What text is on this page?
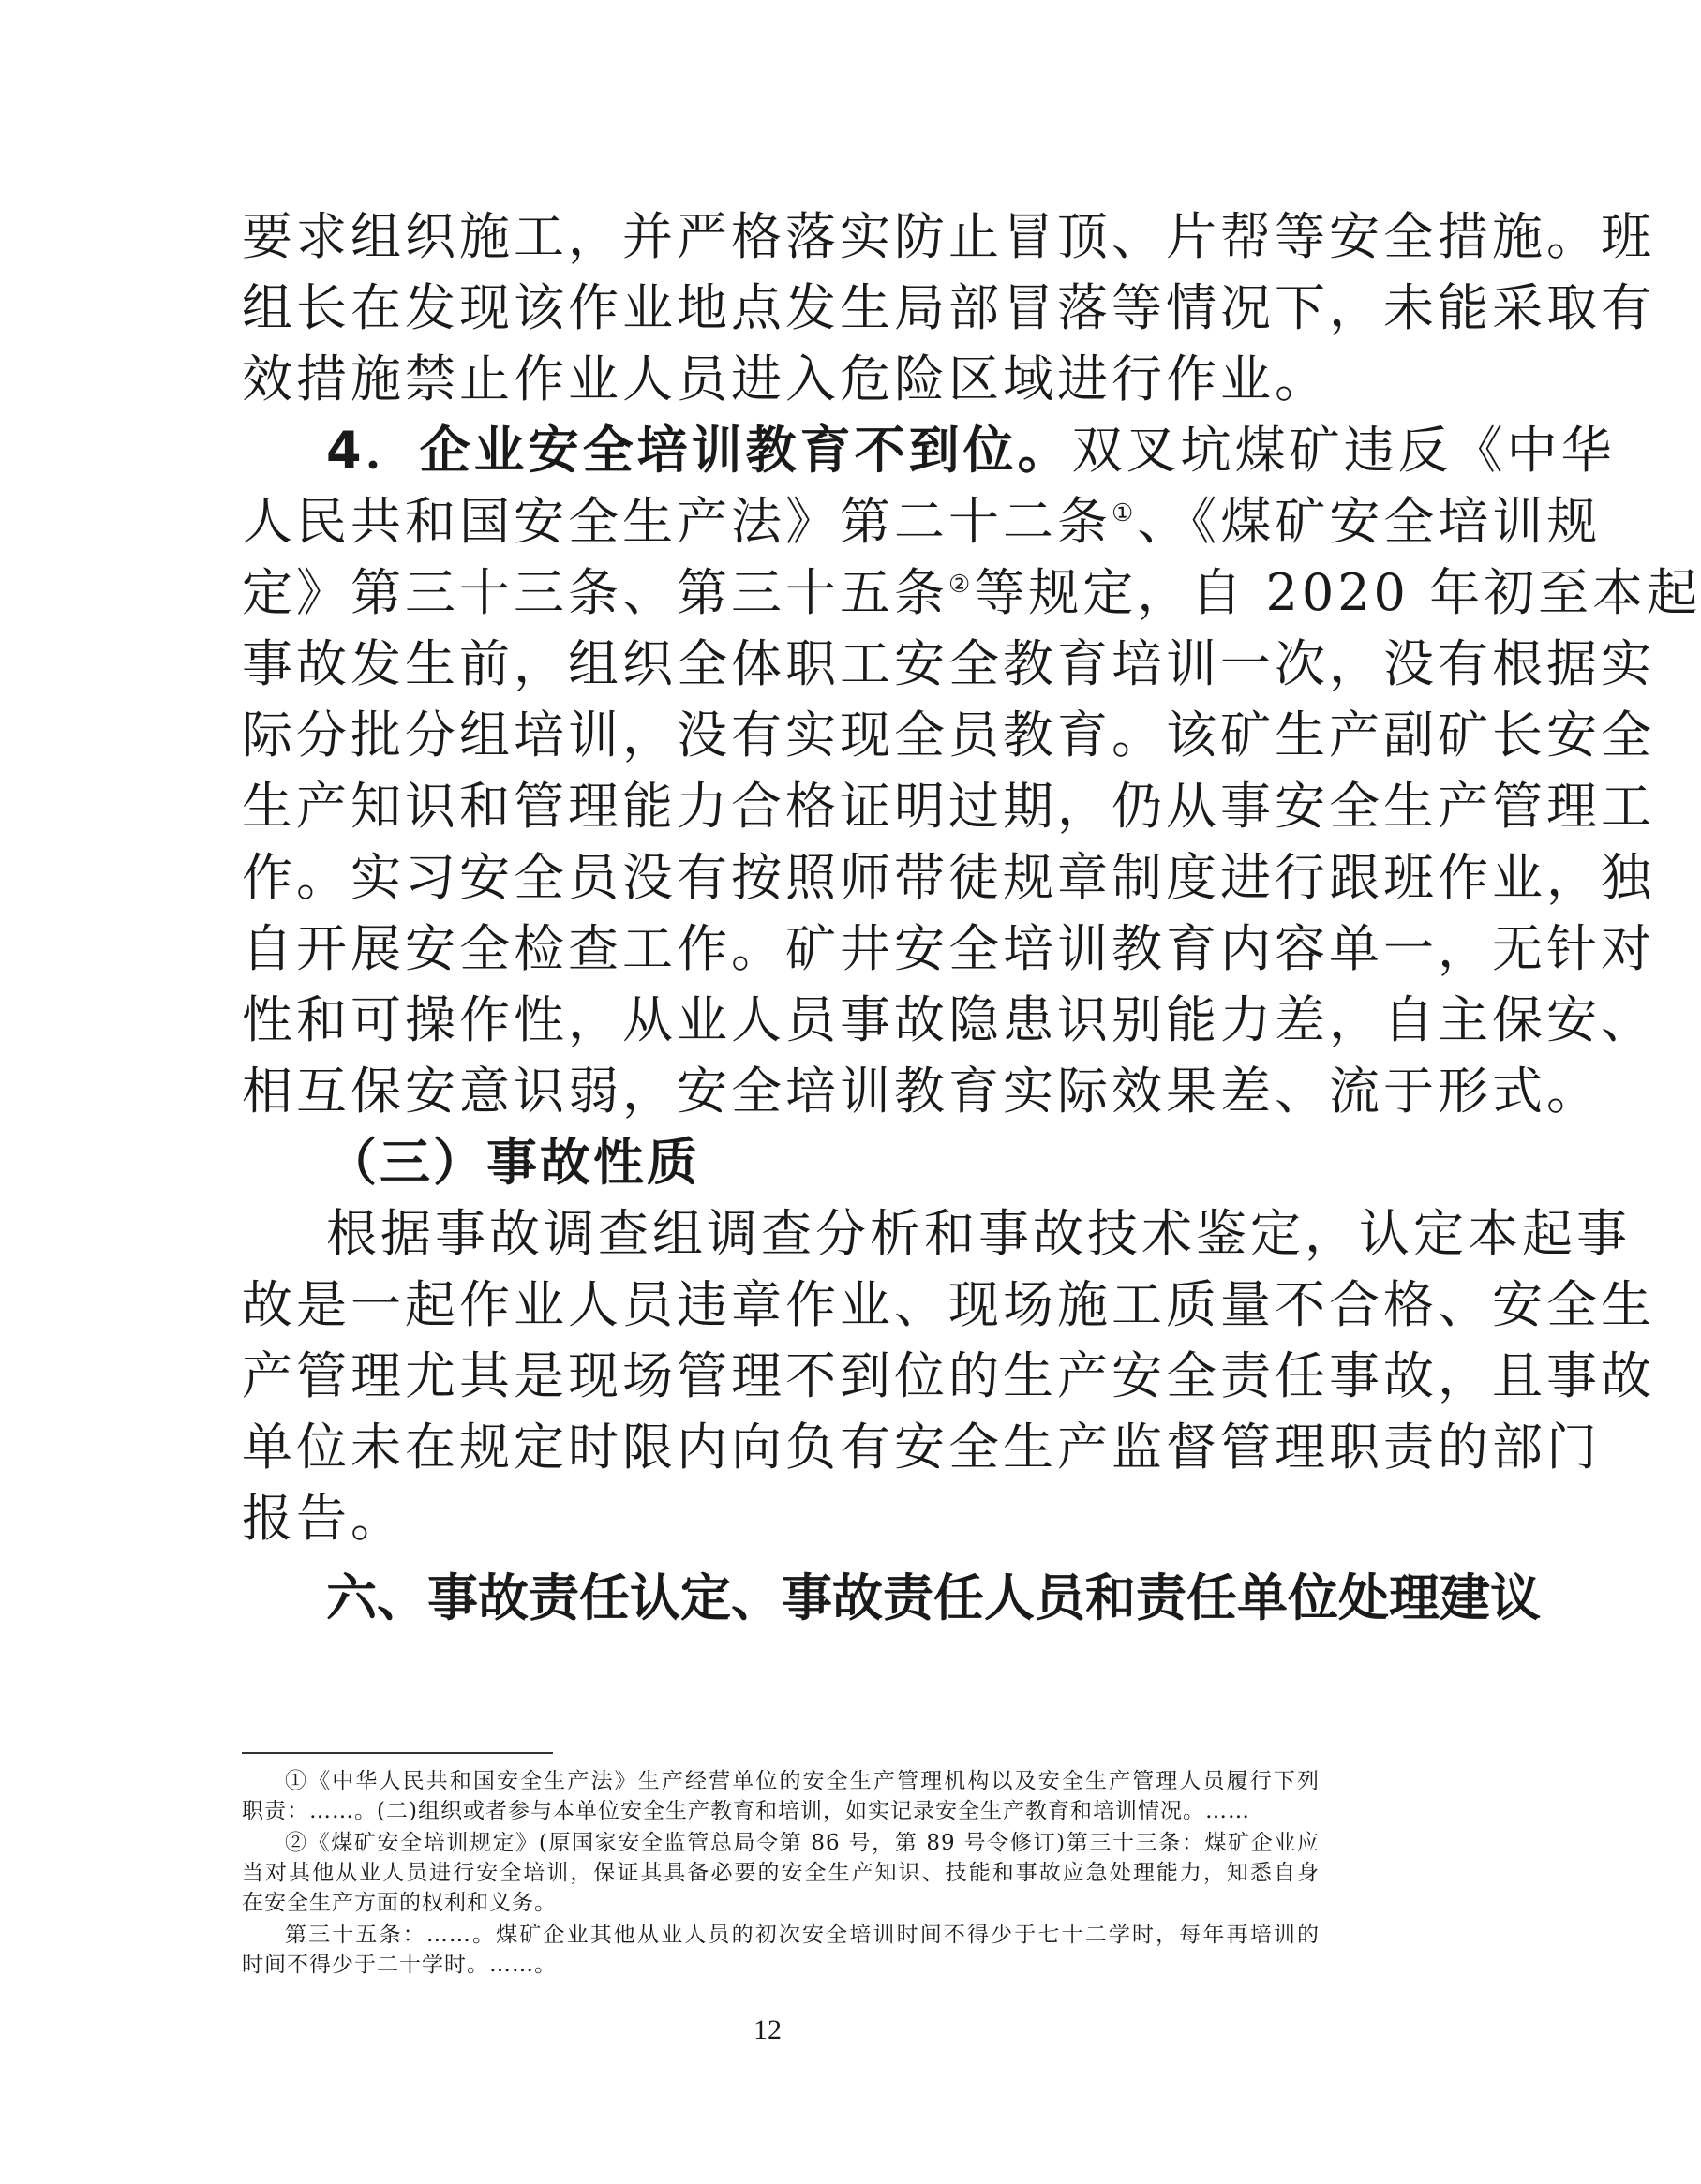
要求组织施工，并严格落实防止冒顶、片帮等安全措施。班
组长在发现该作业地点发生局部冒落等情况下，未能采取有
效措施禁止作业人员进入危险区域进行作业。
4．企业安全培训教育不到位。双叉坑煤矿违反《中华
人民共和国安全生产法》第二十二条①、《煤矿安全培训规
定》第三十三条、第三十五条②等规定，自 2020 年初至本起
事故发生前，组织全体职工安全教育培训一次，没有根据实
际分批分组培训，没有实现全员教育。该矿生产副矿长安全
生产知识和管理能力合格证明过期，仍从事安全生产管理工
作。实习安全员没有按照师带徒规章制度进行跟班作业，独
自开展安全检查工作。矿井安全培训教育内容单一，无针对
性和可操作性，从业人员事故隐患识别能力差，自主保安、
相互保安意识弱，安全培训教育实际效果差、流于形式。
（三）事故性质
根据事故调查组调查分析和事故技术鉴定，认定本起事
故是一起作业人员违章作业、现场施工质量不合格、安全生
产管理尤其是现场管理不到位的生产安全责任事故，且事故
单位未在规定时限内向负有安全生产监督管理职责的部门
报告。
六、事故责任认定、事故责任人员和责任单位处理建议
①《中华人民共和国安全生产法》生产经营单位的安全生产管理机构以及安全生产管理人员履行下列
职责：……。(二)组织或者参与本单位安全生产教育和培训，如实记录安全生产教育和培训情况。……
②《煤矿安全培训规定》(原国家安全监管总局令第 86 号，第 89 号令修订)第三十三条：煤矿企业应
当对其他从业人员进行安全培训，保证其具备必要的安全生产知识、技能和事故应急处理能力，知悉自身
在安全生产方面的权利和义务。
第三十五条：……。煤矿企业其他从业人员的初次安全培训时间不得少于七十二学时，每年再培训的
时间不得少于二十学时。……。
12
